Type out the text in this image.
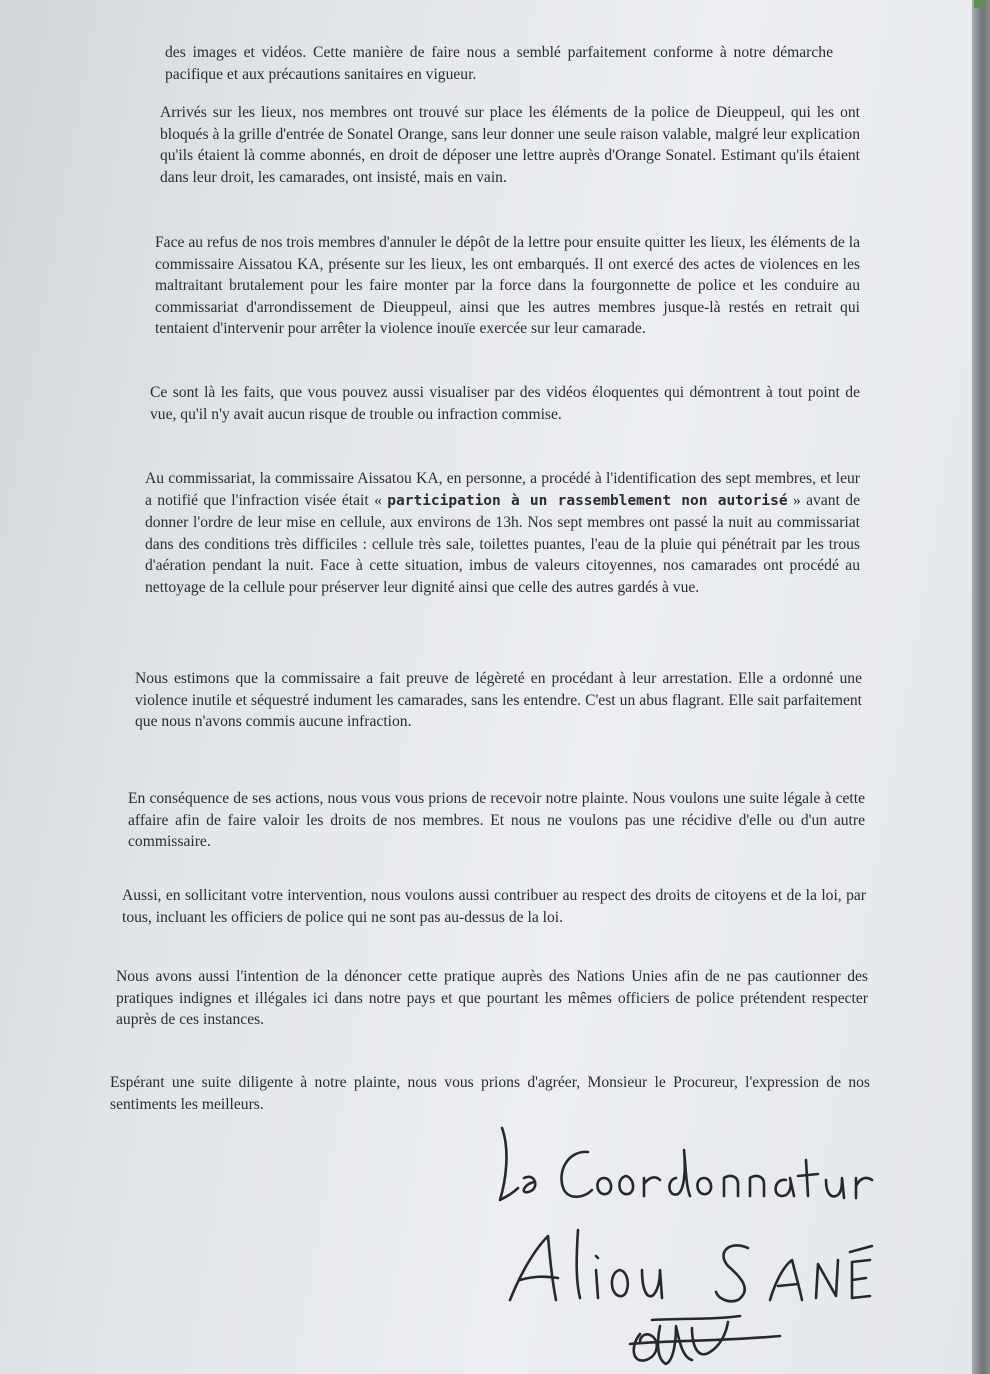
des images et vidéos. Cette manière de faire nous a semblé parfaitement conforme à notre démarche pacifique et aux précautions sanitaires en vigueur.

Arrivés sur les lieux, nos membres ont trouvé sur place les éléments de la police de Dieuppeul, qui les ont bloqués à la grille d'entrée de Sonatel Orange, sans leur donner une seule raison valable, malgré leur explication qu'ils étaient là comme abonnés, en droit de déposer une lettre auprès d'Orange Sonatel. Estimant qu'ils étaient dans leur droit, les camarades, ont insisté, mais en vain.

Face au refus de nos trois membres d'annuler le dépôt de la lettre pour ensuite quitter les lieux, les éléments de la commissaire Aissatou KA, présente sur les lieux, les ont embarqués. Il ont exercé des actes de violences en les maltraitant brutalement pour les faire monter par la force dans la fourgonnette de police et les conduire au commissariat d'arrondissement de Dieuppeul, ainsi que les autres membres jusque-là restés en retrait qui tentaient d'intervenir pour arrêter la violence inouïe exercée sur leur camarade.

Ce sont là les faits, que vous pouvez aussi visualiser par des vidéos éloquentes qui démontrent à tout point de vue, qu'il n'y avait aucun risque de trouble ou infraction commise.

Au commissariat, la commissaire Aissatou KA, en personne, a procédé à l'identification des sept membres, et leur a notifié que l'infraction visée était « participation à un rassemblement non autorisé » avant de donner l'ordre de leur mise en cellule, aux environs de 13h. Nos sept membres ont passé la nuit au commissariat dans des conditions très difficiles : cellule très sale, toilettes puantes, l'eau de la pluie qui pénétrait par les trous d'aération pendant la nuit. Face à cette situation, imbus de valeurs citoyennes, nos camarades ont procédé au nettoyage de la cellule pour préserver leur dignité ainsi que celle des autres gardés à vue.

Nous estimons que la commissaire a fait preuve de légèreté en procédant à leur arrestation. Elle a ordonné une violence inutile et séquestré indument les camarades, sans les entendre. C'est un abus flagrant. Elle sait parfaitement que nous n'avons commis aucune infraction.

En conséquence de ses actions, nous vous vous prions de recevoir notre plainte. Nous voulons une suite légale à cette affaire afin de faire valoir les droits de nos membres. Et nous ne voulons pas une récidive d'elle ou d'un autre commissaire.

Aussi, en sollicitant votre intervention, nous voulons aussi contribuer au respect des droits de citoyens et de la loi, par tous, incluant les officiers de police qui ne sont pas au-dessus de la loi.

Nous avons aussi l'intention de la dénoncer cette pratique auprès des Nations Unies afin de ne pas cautionner des pratiques indignes et illégales ici dans notre pays et que pourtant les mêmes officiers de police prétendent respecter auprès de ces instances.

Espérant une suite diligente à notre plainte, nous vous prions d'agréer, Monsieur le Procureur, l'expression de nos sentiments les meilleurs.
